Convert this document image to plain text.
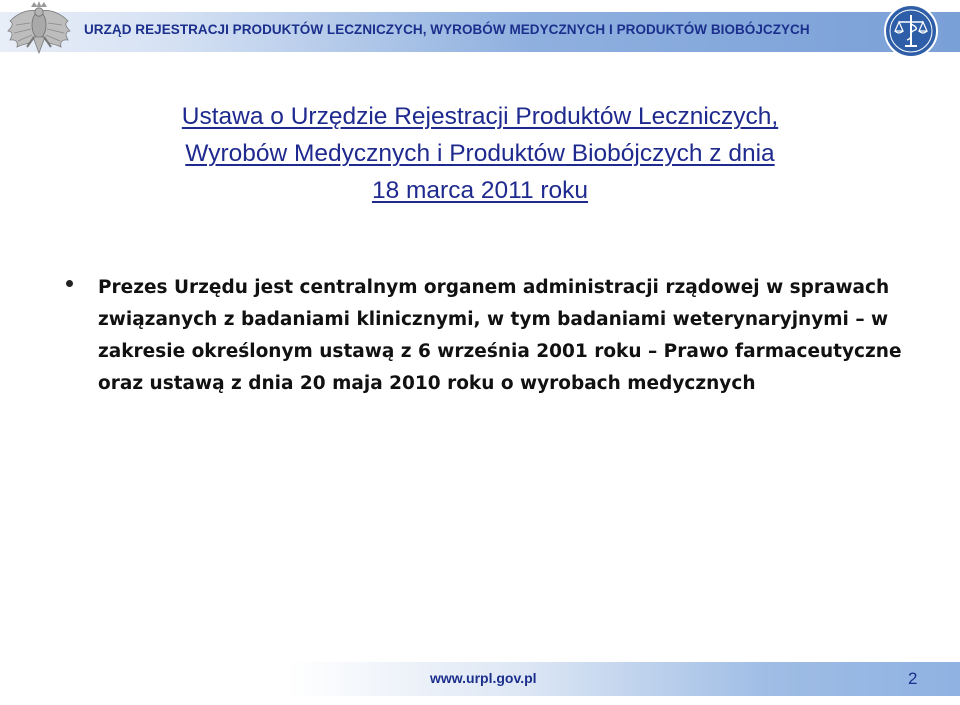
URZĄD REJESTRACJI PRODUKTÓW LECZNICZYCH, WYROBÓW MEDYCZNYCH I PRODUKTÓW BIOBÓJCZYCH
Ustawa o Urzędzie Rejestracji Produktów Leczniczych,
Wyrobów Medycznych i Produktów Biobójczych z dnia
18 marca 2011 roku

Prezes Urzędu jest centralnym organem administracji rządowej w sprawach związanych z badaniami klinicznymi, w tym badaniami weterynaryjnymi – w zakresie określonym ustawą z 6 września 2001 roku – Prawo farmaceutyczne oraz ustawą z dnia 20 maja 2010 roku o wyrobach medycznych

www.urpl.gov.pl	2
